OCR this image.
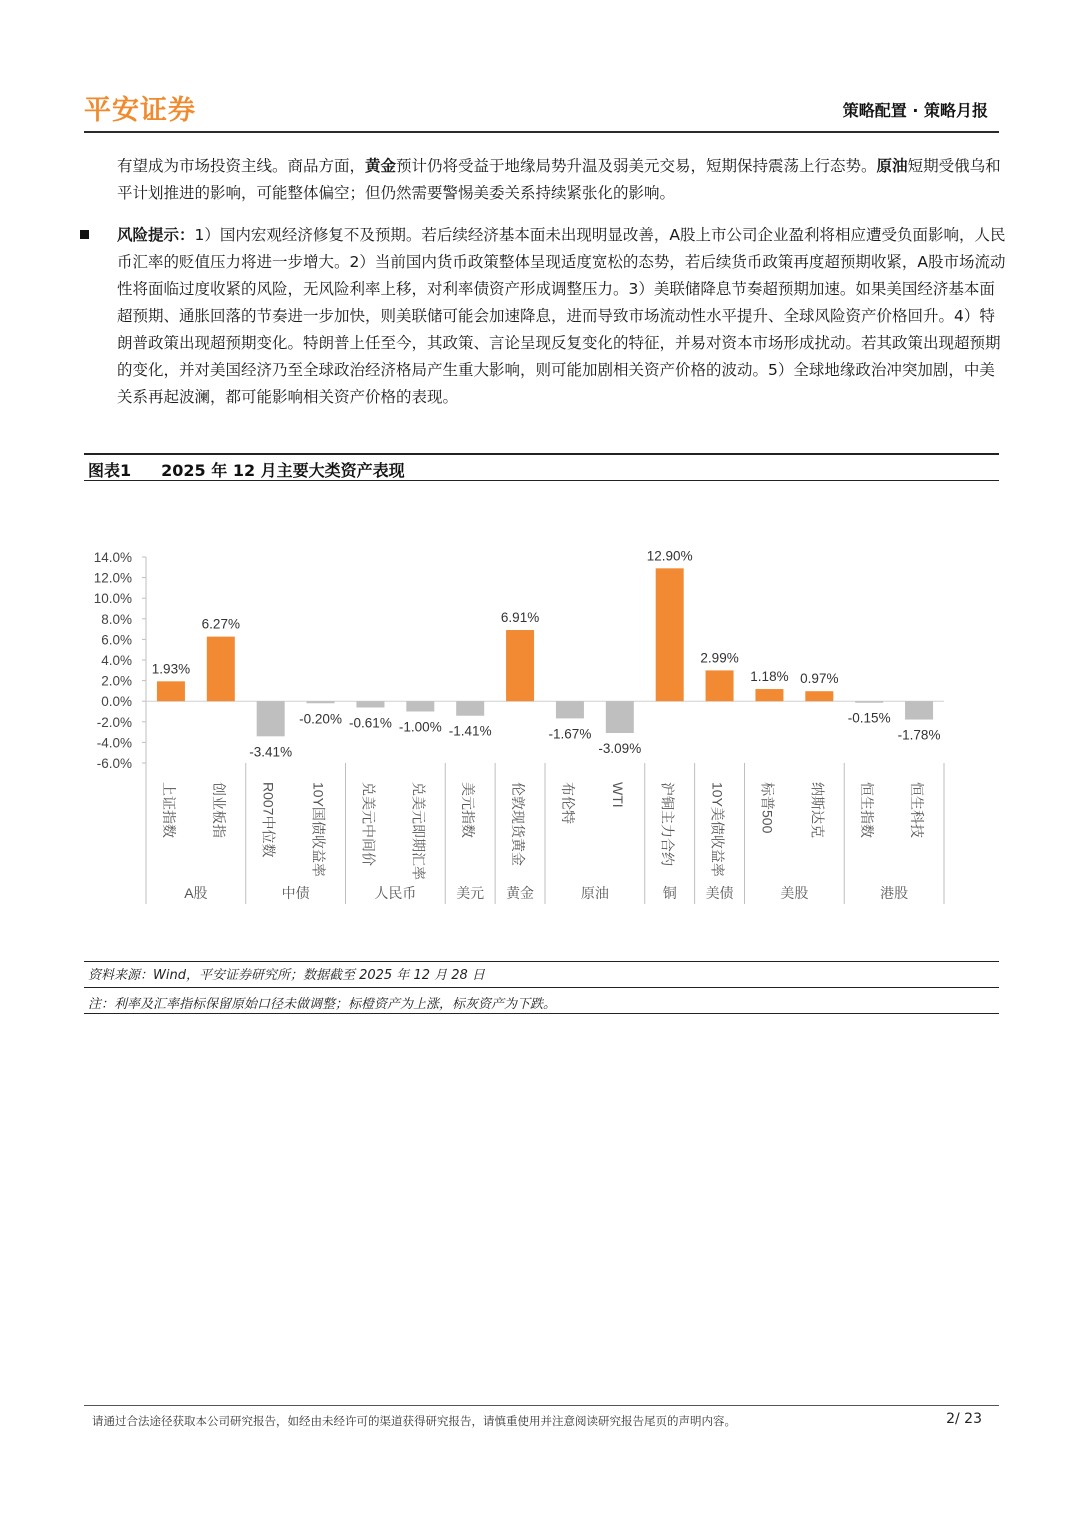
平安证券	策略配置 · 策略月报
有望成为市场投资主线。商品方面，黄金预计仍将受益于地缘局势升温及弱美元交易，短期保持震荡上行态势。原油短期受俄乌和平计划推进的影响，可能整体偏空；但仍然需要警惕美委关系持续紧张化的影响。
风险提示：1）国内宏观经济修复不及预期。若后续经济基本面未出现明显改善，A股上市公司企业盈利将相应遭受负面影响，人民币汇率的贬值压力将进一步增大。2）当前国内货币政策整体呈现适度宽松的态势，若后续货币政策再度超预期收紧，A股市场流动性将面临过度收紧的风险，无风险利率上移，对利率债资产形成调整压力。3）美联储降息节奏超预期加速。如果美国经济基本面超预期、通胀回落的节奏进一步加快，则美联储可能会加速降息，进而导致市场流动性水平提升、全球风险资产价格回升。4）特朗普政策出现超预期变化。特朗普上任至今，其政策、言论呈现反复变化的特征，并易对资本市场形成扰动。若其政策出现超预期的变化，并对美国经济乃至全球政治经济格局产生重大影响，则可能加剧相关资产价格的波动。5）全球地缘政治冲突加剧，中美关系再起波澜，都可能影响相关资产价格的表现。
图表1 2025 年 12 月主要大类资产表现
14.0%
12.0%
10.0%
8.0%
6.0%
4.0%
2.0%
0.0%
-2.0%
-4.0%
-6.0%
1.93%
6.27%
-3.41%
-0.20% -0.61% -1.00% -1.41%
6.91%
-1.67%
-3.09%
12.90%
2.99%
1.18% 0.97%
-0.15%
-1.78%
上证指数 创业板指 R007中位数 10Y国债收益率 兑美元中间价 兑美元即期汇率 美元指数 伦敦现货黄金 布伦特 WTI 沪铜主力合约 10Y美债收益率 标普500 纳斯达克 恒生指数 恒生科技
A股	中债	人民币	美元 黄金	原油	铜 美债	美股	港股
资料来源：Wind，平安证券研究所；数据截至 2025 年 12 月 28 日
注：利率及汇率指标保留原始口径未做调整；标橙资产为上涨，标灰资产为下跌。
请通过合法途径获取本公司研究报告，如经由未经许可的渠道获得研究报告，请慎重使用并注意阅读研究报告尾页的声明内容。	2/ 23
